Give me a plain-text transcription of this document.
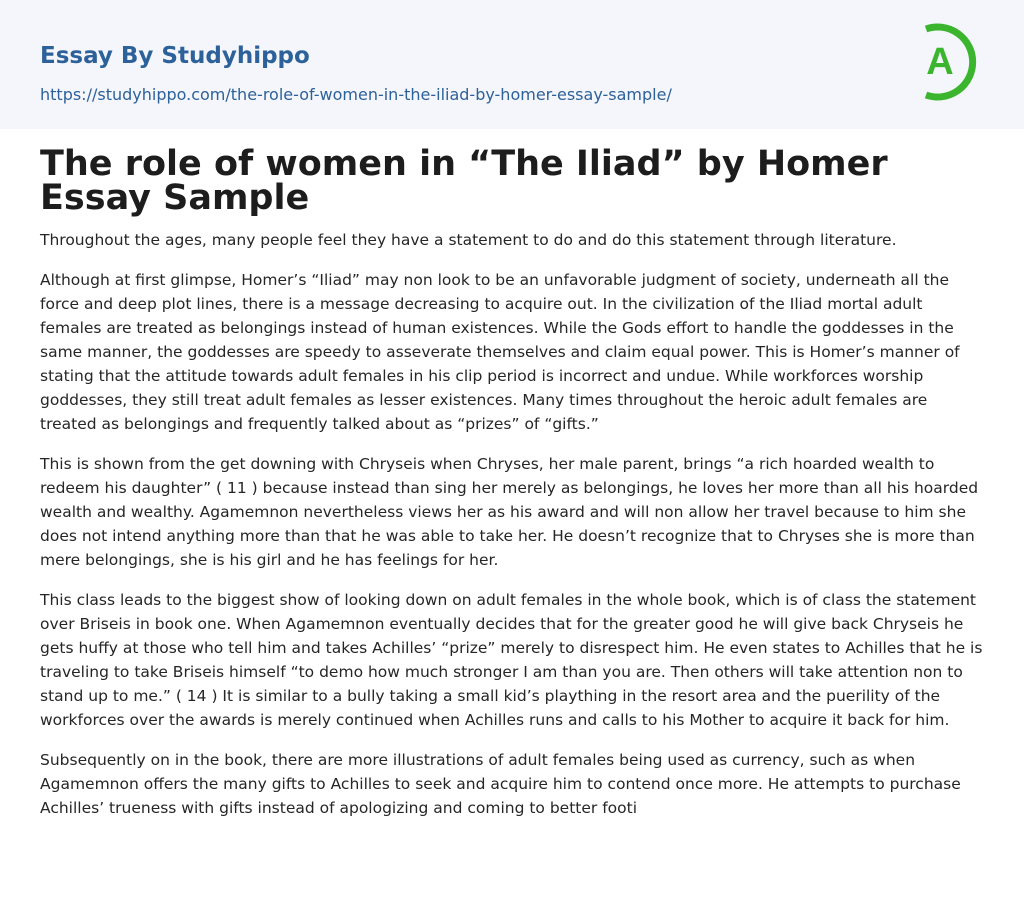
Essay By Studyhippo
https://studyhippo.com/the-role-of-women-in-the-iliad-by-homer-essay-sample/
A
The role of women in “The Iliad” by Homer Essay Sample

Throughout the ages, many people feel they have a statement to do and do this statement through literature.

Although at first glimpse, Homer’s “Iliad” may non look to be an unfavorable judgment of society, underneath all the force and deep plot lines, there is a message decreasing to acquire out. In the civilization of the Iliad mortal adult females are treated as belongings instead of human existences. While the Gods effort to handle the goddesses in the same manner, the goddesses are speedy to asseverate themselves and claim equal power. This is Homer’s manner of stating that the attitude towards adult females in his clip period is incorrect and undue. While workforces worship goddesses, they still treat adult females as lesser existences. Many times throughout the heroic adult females are treated as belongings and frequently talked about as “prizes” of “gifts.”

This is shown from the get downing with Chryseis when Chryses, her male parent, brings “a rich hoarded wealth to redeem his daughter” ( 11 ) because instead than sing her merely as belongings, he loves her more than all his hoarded wealth and wealthy. Agamemnon nevertheless views her as his award and will non allow her travel because to him she does not intend anything more than that he was able to take her. He doesn’t recognize that to Chryses she is more than mere belongings, she is his girl and he has feelings for her.

This class leads to the biggest show of looking down on adult females in the whole book, which is of class the statement over Briseis in book one. When Agamemnon eventually decides that for the greater good he will give back Chryseis he gets huffy at those who tell him and takes Achilles’ “prize” merely to disrespect him. He even states to Achilles that he is traveling to take Briseis himself “to demo how much stronger I am than you are. Then others will take attention non to stand up to me.” ( 14 ) It is similar to a bully taking a small kid’s plaything in the resort area and the puerility of the workforces over the awards is merely continued when Achilles runs and calls to his Mother to acquire it back for him.

Subsequently on in the book, there are more illustrations of adult females being used as currency, such as when Agamemnon offers the many gifts to Achilles to seek and acquire him to contend once more. He attempts to purchase Achilles’ trueness with gifts instead of apologizing and coming to better footi
